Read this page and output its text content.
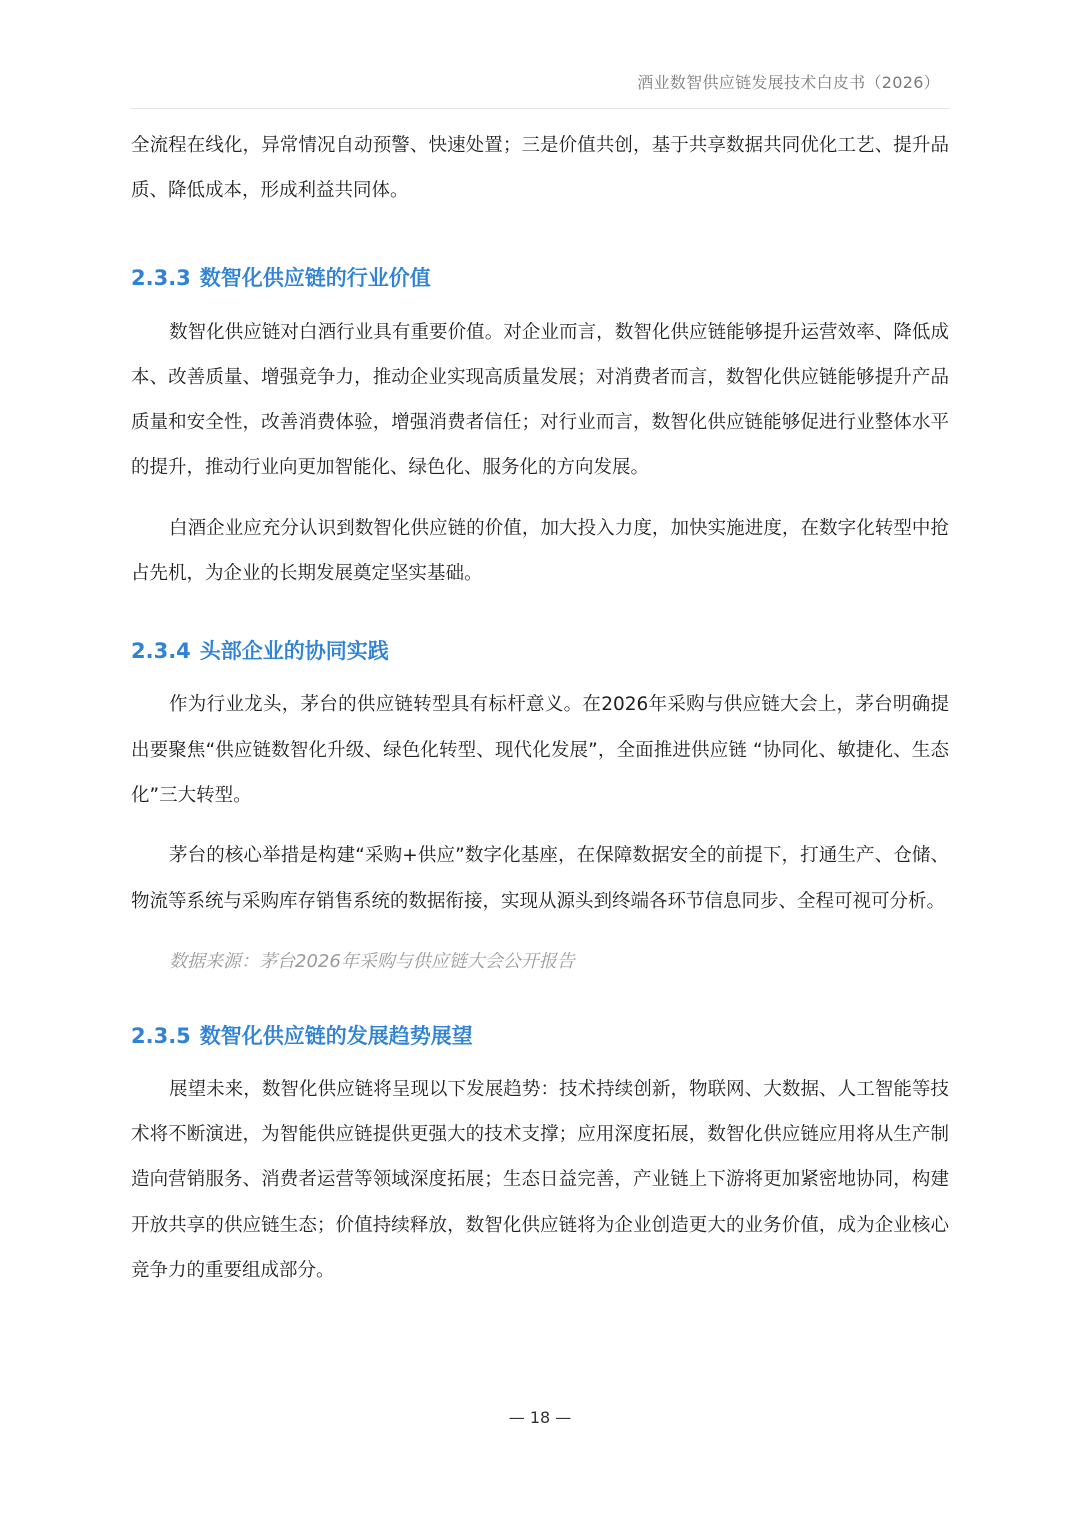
酒业数智供应链发展技术白皮书（2026）

全流程在线化，异常情况自动预警、快速处置；三是价值共创，基于共享数据共同优化工艺、提升品质、降低成本，形成利益共同体。

2.3.3 数智化供应链的行业价值

数智化供应链对白酒行业具有重要价值。对企业而言，数智化供应链能够提升运营效率、降低成本、改善质量、增强竞争力，推动企业实现高质量发展；对消费者而言，数智化供应链能够提升产品质量和安全性，改善消费体验，增强消费者信任；对行业而言，数智化供应链能够促进行业整体水平的提升，推动行业向更加智能化、绿色化、服务化的方向发展。

白酒企业应充分认识到数智化供应链的价值，加大投入力度，加快实施进度，在数字化转型中抢占先机，为企业的长期发展奠定坚实基础。

2.3.4 头部企业的协同实践

作为行业龙头，茅台的供应链转型具有标杆意义。在2026年采购与供应链大会上，茅台明确提出要聚焦“供应链数智化升级、绿色化转型、现代化发展”，全面推进供应链 “协同化、敏捷化、生态化”三大转型。

茅台的核心举措是构建“采购+供应”数字化基座，在保障数据安全的前提下，打通生产、仓储、物流等系统与采购库存销售系统的数据衔接，实现从源头到终端各环节信息同步、全程可视可分析。

数据来源：茅台2026年采购与供应链大会公开报告

2.3.5 数智化供应链的发展趋势展望

展望未来，数智化供应链将呈现以下发展趋势：技术持续创新，物联网、大数据、人工智能等技术将不断演进，为智能供应链提供更强大的技术支撑；应用深度拓展，数智化供应链应用将从生产制造向营销服务、消费者运营等领域深度拓展；生态日益完善，产业链上下游将更加紧密地协同，构建开放共享的供应链生态；价值持续释放，数智化供应链将为企业创造更大的业务价值，成为企业核心竞争力的重要组成部分。

— 18 —
